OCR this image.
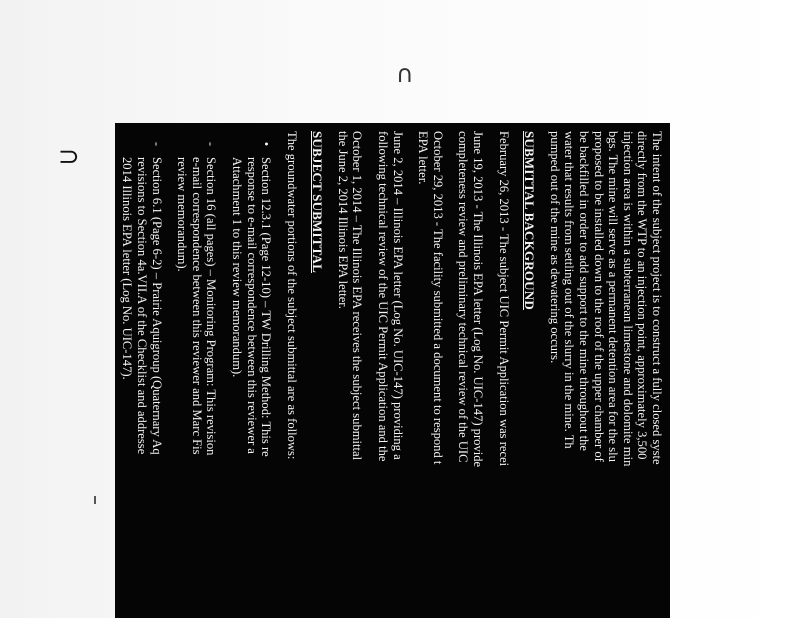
⊃
∩
The intent of the subject project is to construct a fully closed syste
directly from the WTP to an injection point, approximately 3,500
injection area is within a subterranean limestone and dolomite min
bgs. The mine will serve as a permanent detention area for the slu
proposed to be installed down to the roof of the upper chamber of
be backfilled in order to add support to the mine throughout the
water that results from settling out of the slurry in the mine. Th
pumped out of the mine as dewatering occurs.
SUBMITTAL BACKGROUND
February 26, 2013 - The subject UIC Permit Application was recei
June 19, 2013 - The Illinois EPA letter (Log No. UIC-147) provide
completeness review and preliminary technical review of the UIC
October 29, 2013 - The facility submitted a document to respond t
EPA letter.
June 2, 2014 – Illinois EPA letter (Log No. UIC-147) providing a
following technical review of the UIC Permit Application and the
October 1, 2014 – The Illinois EPA receives the subject submittal
the June 2, 2014 Illinois EPA letter.
SUBJECT SUBMITTAL
The groundwater portions of the subject submittal are as follows:
•
Section 12.3.1 (Page 12-10) – TW Drilling Method: This re
response to e-mail correspondence between this reviewer a
Attachment 1 to this review memorandum).
-
Section 16 (all pages) – Monitoring Program: This revision
e-mail correspondence between this reviewer and Marc Fis
review memorandum).
-
Section 6.1 (Page 6-2) – Prairie Aquigroup (Quaternary Aq
revisions to Section 4a.VII.A of the Checklist and addresse
2014 Illinois EPA letter (Log No. UIC-147).
